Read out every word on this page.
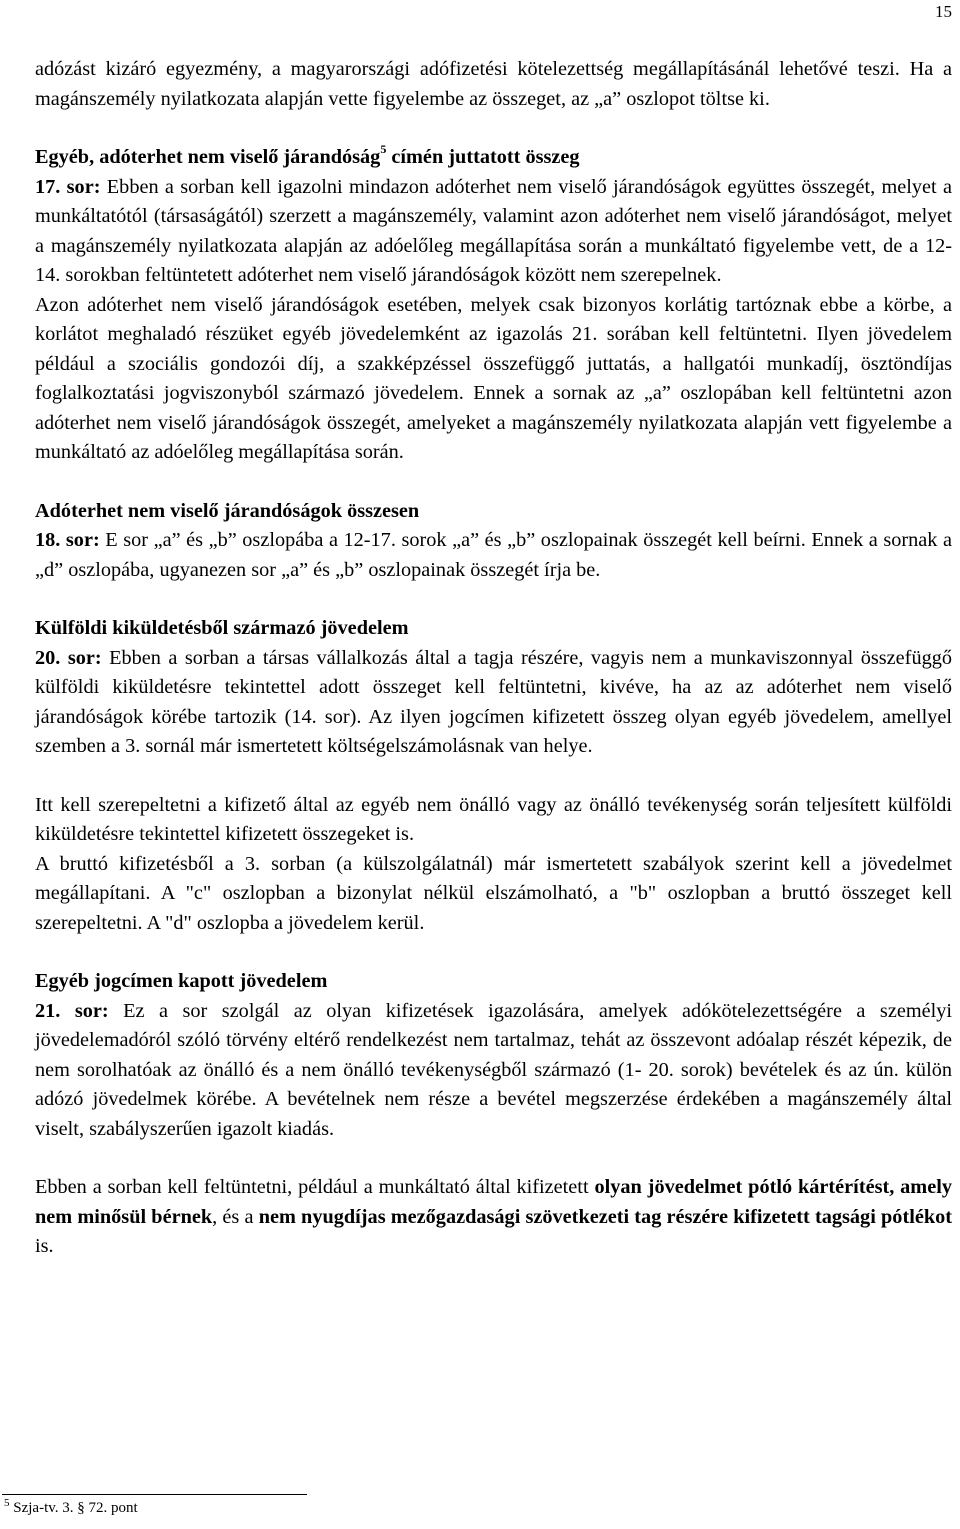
15

adózást kizáró egyezmény, a magyarországi adófizetési kötelezettség megállapításánál lehetővé teszi. Ha a magánszemély nyilatkozata alapján vette figyelembe az összeget, az „a” oszlopot töltse ki.

Egyéb, adóterhet nem viselő járandóság$^5$ címén juttatott összeg

17. sor: Ebben a sorban kell igazolni mindazon adóterhet nem viselő járandóságok együttes összegét, melyet a munkáltatótól (társaságától) szerzett a magánszemély, valamint azon adóterhet nem viselő járandóságot, melyet a magánszemély nyilatkozata alapján az adóelőleg megállapítása során a munkáltató figyelembe vett, de a 12-14. sorokban feltüntetett adóterhet nem viselő járandóságok között nem szerepelnek.

Azon adóterhet nem viselő járandóságok esetében, melyek csak bizonyos korlátig tartóznak ebbe a körbe, a korlátot meghaladó részüket egyéb jövedelemként az igazolás 21. sorában kell feltüntetni. Ilyen jövedelem például a szociális gondozói díj, a szakképzéssel összefüggő juttatás, a hallgatói munkadíj, ösztöndíjas foglalkoztatási jogviszonyból származó jövedelem. Ennek a sornak az „a” oszlopában kell feltüntetni azon adóterhet nem viselő járandóságok összegét, amelyeket a magánszemély nyilatkozata alapján vett figyelembe a munkáltató az adóelőleg megállapítása során.

Adóterhet nem viselő járandóságok összesen

18. sor: E sor „a” és „b” oszlopába a 12-17. sorok „a” és „b” oszlopainak összegét kell beírni. Ennek a sornak a „d” oszlopába, ugyanezen sor „a” és „b” oszlopainak összegét írja be.

Külföldi kiküldetésből származó jövedelem

20. sor: Ebben a sorban a társas vállalkozás által a tagja részére, vagyis nem a munkaviszonnyal összefüggő külföldi kiküldetésre tekintettel adott összeget kell feltüntetni, kivéve, ha az az adóterhet nem viselő járandóságok körébe tartozik (14. sor). Az ilyen jogcímen kifizetett összeg olyan egyéb jövedelem, amellyel szemben a 3. sornál már ismertetett költségelszámolásnak van helye.

Itt kell szerepeltetni a kifizető által az egyéb nem önálló vagy az önálló tevékenység során teljesített külföldi kiküldetésre tekintettel kifizetett összegeket is.

A bruttó kifizetésből a 3. sorban (a külszolgálatnál) már ismertetett szabályok szerint kell a jövedelmet megállapítani. A "c" oszlopban a bizonylat nélkül elszámolható, a "b" oszlopban a bruttó összeget kell szerepeltetni. A "d" oszlopba a jövedelem kerül.

Egyéb jogcímen kapott jövedelem

21. sor: Ez a sor szolgál az olyan kifizetések igazolására, amelyek adókötelezettségére a személyi jövedelemadóról szóló törvény eltérő rendelkezést nem tartalmaz, tehát az összevont adóalap részét képezik, de nem sorolhatóak az önálló és a nem önálló tevékenységből származó (1- 20. sorok) bevételek és az ún. külön adózó jövedelmek körébe. A bevételnek nem része a bevétel megszerzése érdekében a magánszemély által viselt, szabályszerűen igazolt kiadás.

Ebben a sorban kell feltüntetni, például a munkáltató által kifizetett olyan jövedelmet pótló kártérítést, amely nem minősül bérnek, és a nem nyugdíjas mezőgazdasági szövetkezeti tag részére kifizetett tagsági pótlékot is.

$^5$ Szja-tv. 3. § 72. pont
